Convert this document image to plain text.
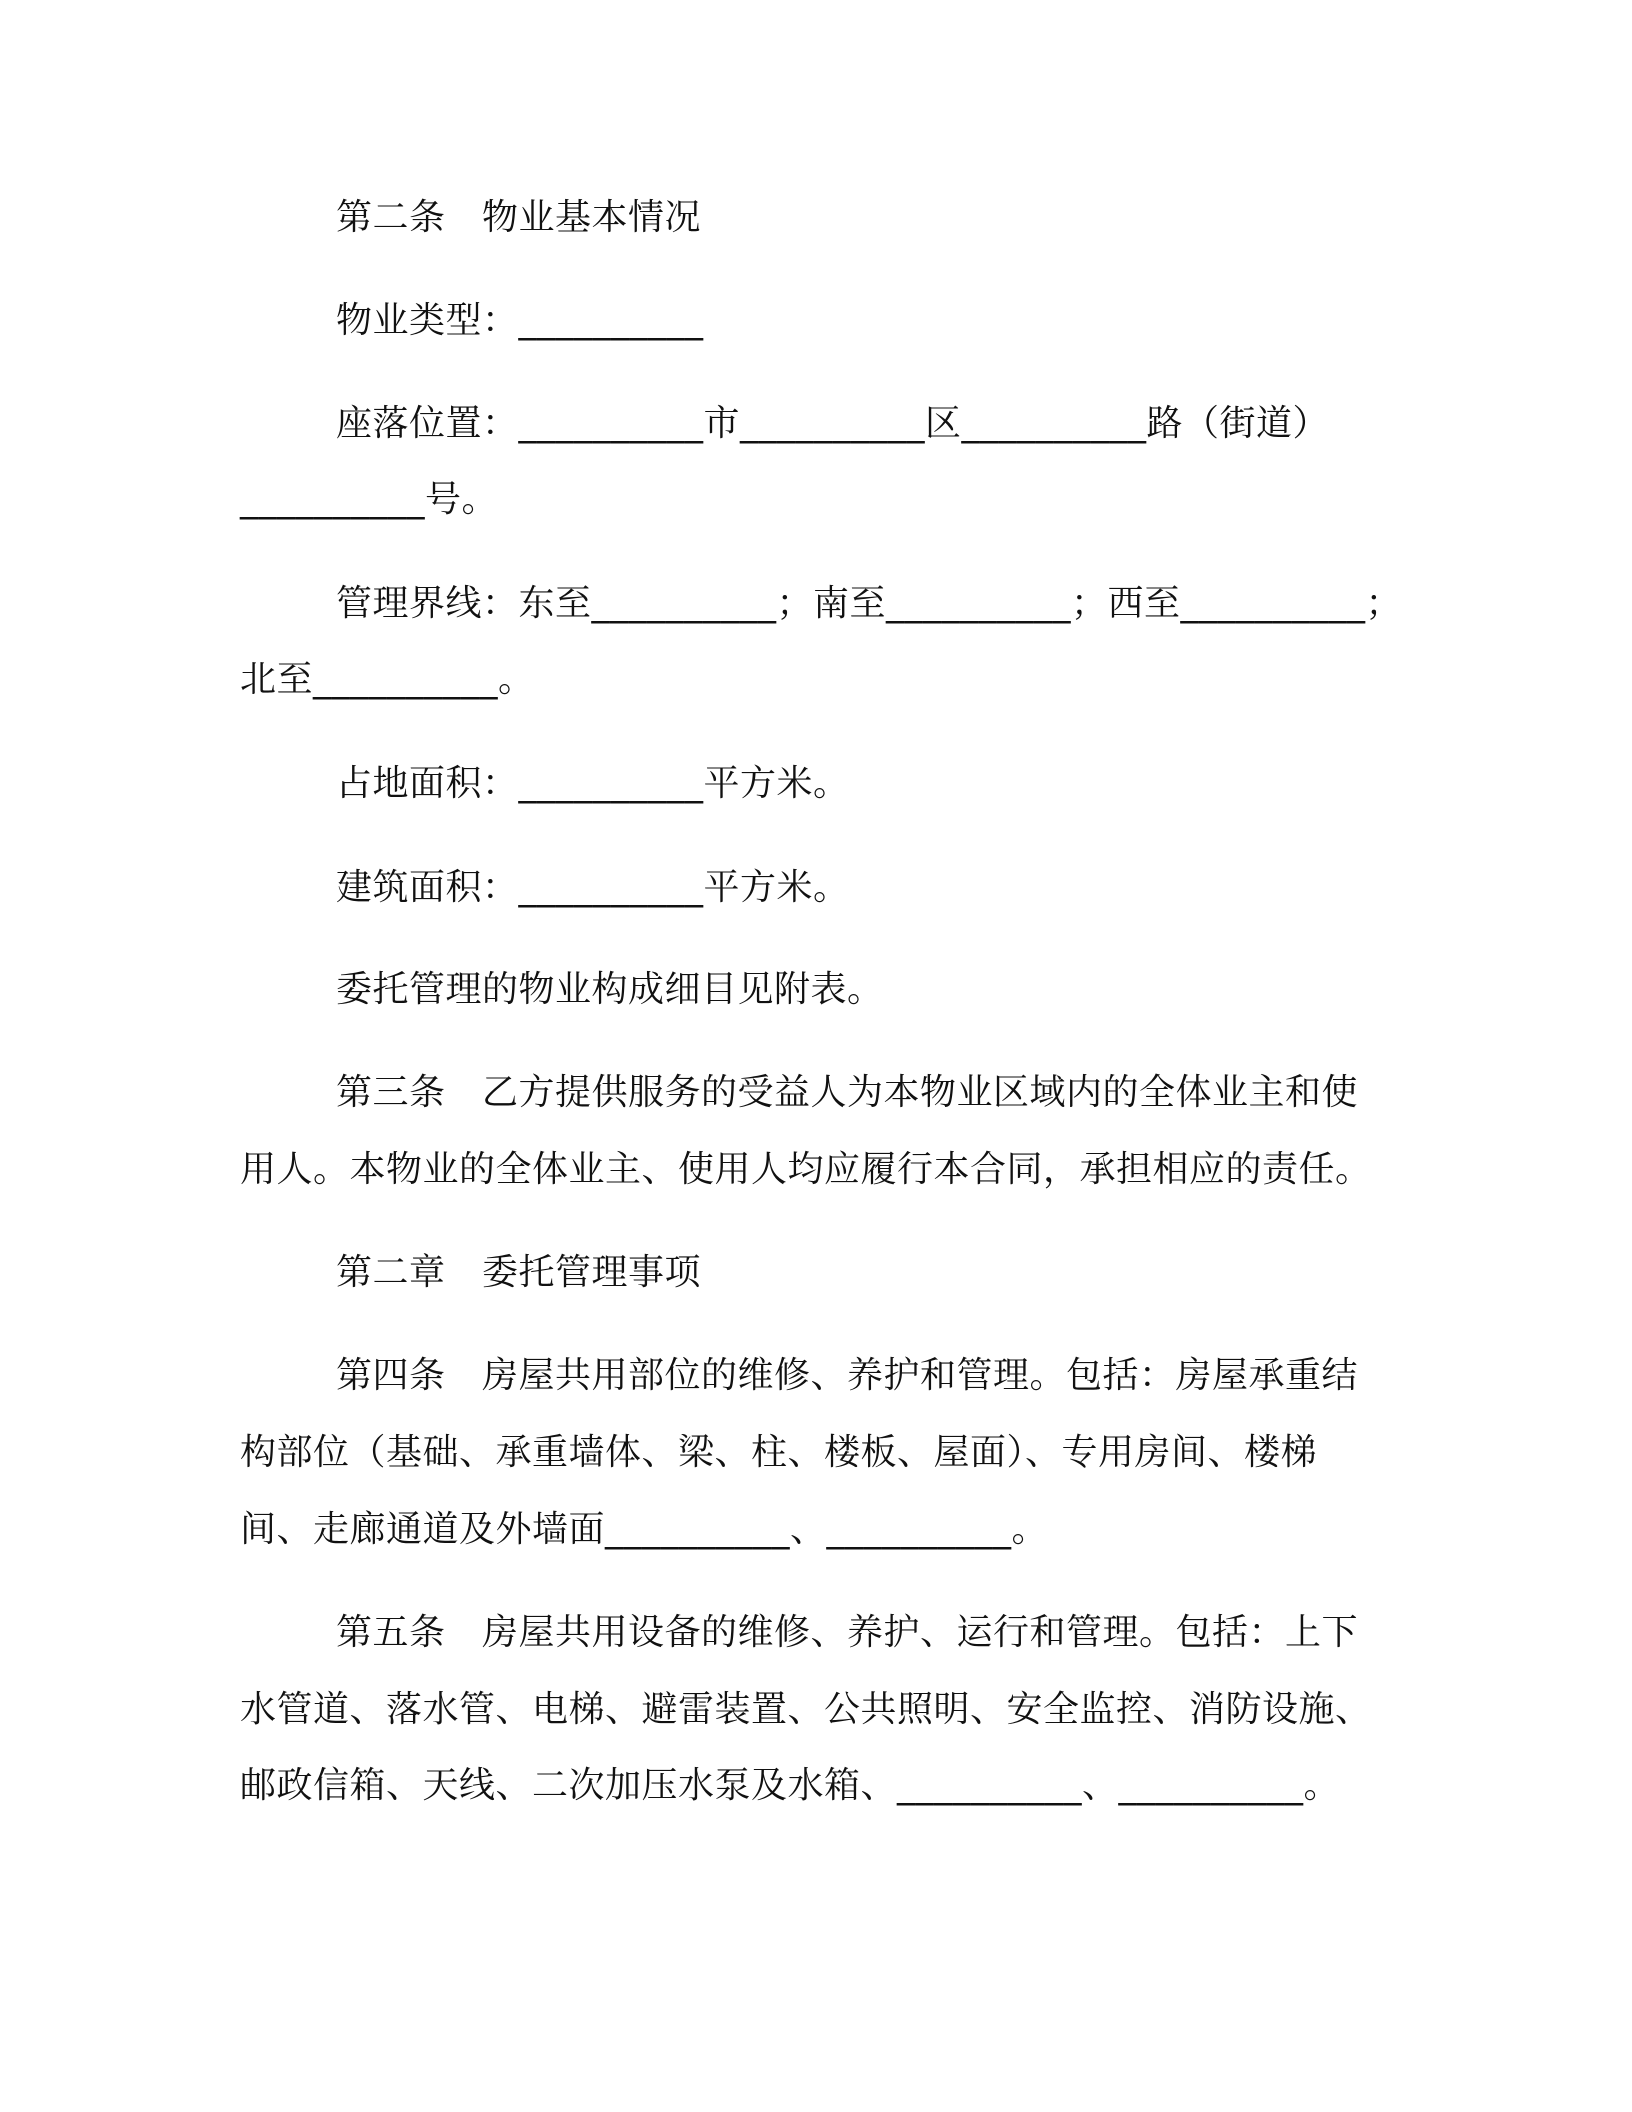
第二条　物业基本情况
物业类型：__________
座落位置：__________市__________区__________路（街道）
__________号。
管理界线：东至__________；南至__________；西至__________；
北至__________。
占地面积：__________平方米。
建筑面积：__________平方米。
委托管理的物业构成细目见附表。
第三条　乙方提供服务的受益人为本物业区域内的全体业主和使
用人。本物业的全体业主、使用人均应履行本合同，承担相应的责任。
第二章　委托管理事项
第四条　房屋共用部位的维修、养护和管理。包括：房屋承重结
构部位（基础、承重墙体、梁、柱、楼板、屋面）、专用房间、楼梯
间、走廊通道及外墙面__________、__________。
第五条　房屋共用设备的维修、养护、运行和管理。包括：上下
水管道、落水管、电梯、避雷装置、公共照明、安全监控、消防设施、
邮政信箱、天线、二次加压水泵及水箱、__________、__________。
